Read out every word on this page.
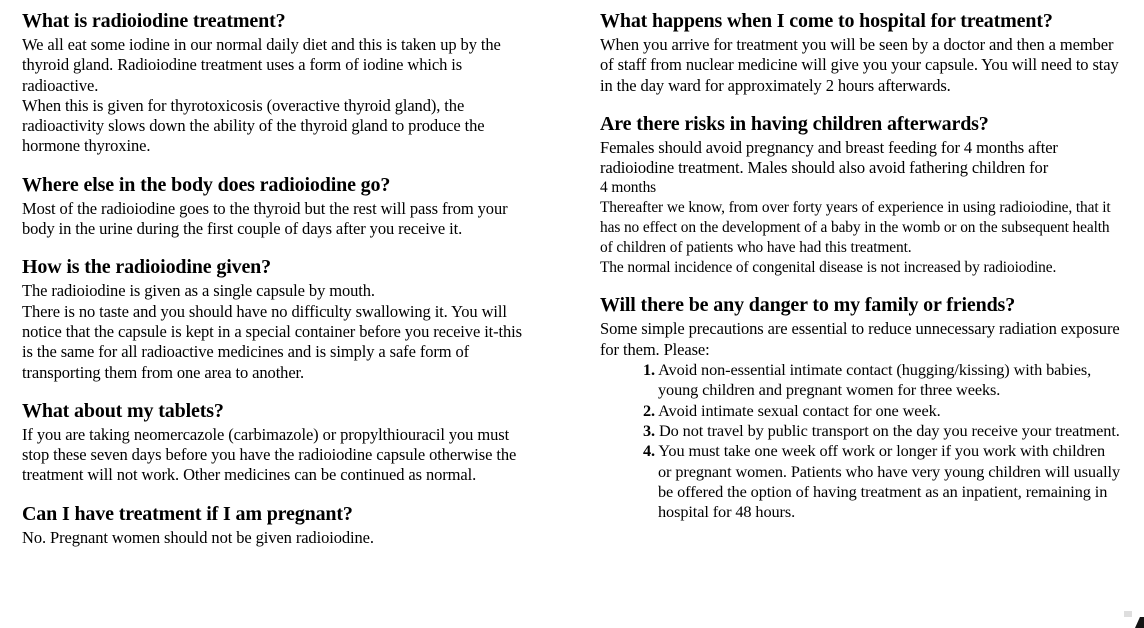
What is radioiodine treatment?

We all eat some iodine in our normal daily diet and this is taken up by the thyroid gland. Radioiodine treatment uses a form of iodine which is radioactive.

When this is given for thyrotoxicosis (overactive thyroid gland), the radioactivity slows down the ability of the thyroid gland to produce the hormone thyroxine.

Where else in the body does radioiodine go?

Most of the radioiodine goes to the thyroid but the rest will pass from your body in the urine during the first couple of days after you receive it.

How is the radioiodine given?

The radioiodine is given as a single capsule by mouth.

There is no taste and you should have no difficulty swallowing it. You will notice that the capsule is kept in a special container before you receive it-this is the same for all radioactive medicines and is simply a safe form of transporting them from one area to another.

What about my tablets?

If you are taking neomercazole (carbimazole) or propylthiouracil you must stop these seven days before you have the radioiodine capsule otherwise the treatment will not work. Other medicines can be continued as normal.

Can I have treatment if I am pregnant?

No. Pregnant women should not be given radioiodine.

What happens when I come to hospital for treatment?

When you arrive for treatment you will be seen by a doctor and then a member of staff from nuclear medicine will give you your capsule. You will need to stay in the day ward for approximately 2 hours afterwards.

Are there risks in having children afterwards?

Females should avoid pregnancy and breast feeding for 4 months after radioiodine treatment. Males should also avoid fathering children for

4 months

Thereafter we know, from over forty years of experience in using radioiodine, that it has no effect on the development of a baby in the womb or on the subsequent health of children of patients who have had this treatment.

The normal incidence of congenital disease is not increased by radioiodine.

Will there be any danger to my family or friends?

Some simple precautions are essential to reduce unnecessary radiation exposure for them. Please:

1. Avoid non-essential intimate contact (hugging/kissing) with babies, young children and pregnant women for three weeks.
2. Avoid intimate sexual contact for one week.
3. Do not travel by public transport on the day you receive your treatment.
4. You must take one week off work or longer if you work with children or pregnant women. Patients who have very young children will usually be offered the option of having treatment as an inpatient, remaining in hospital for 48 hours.
